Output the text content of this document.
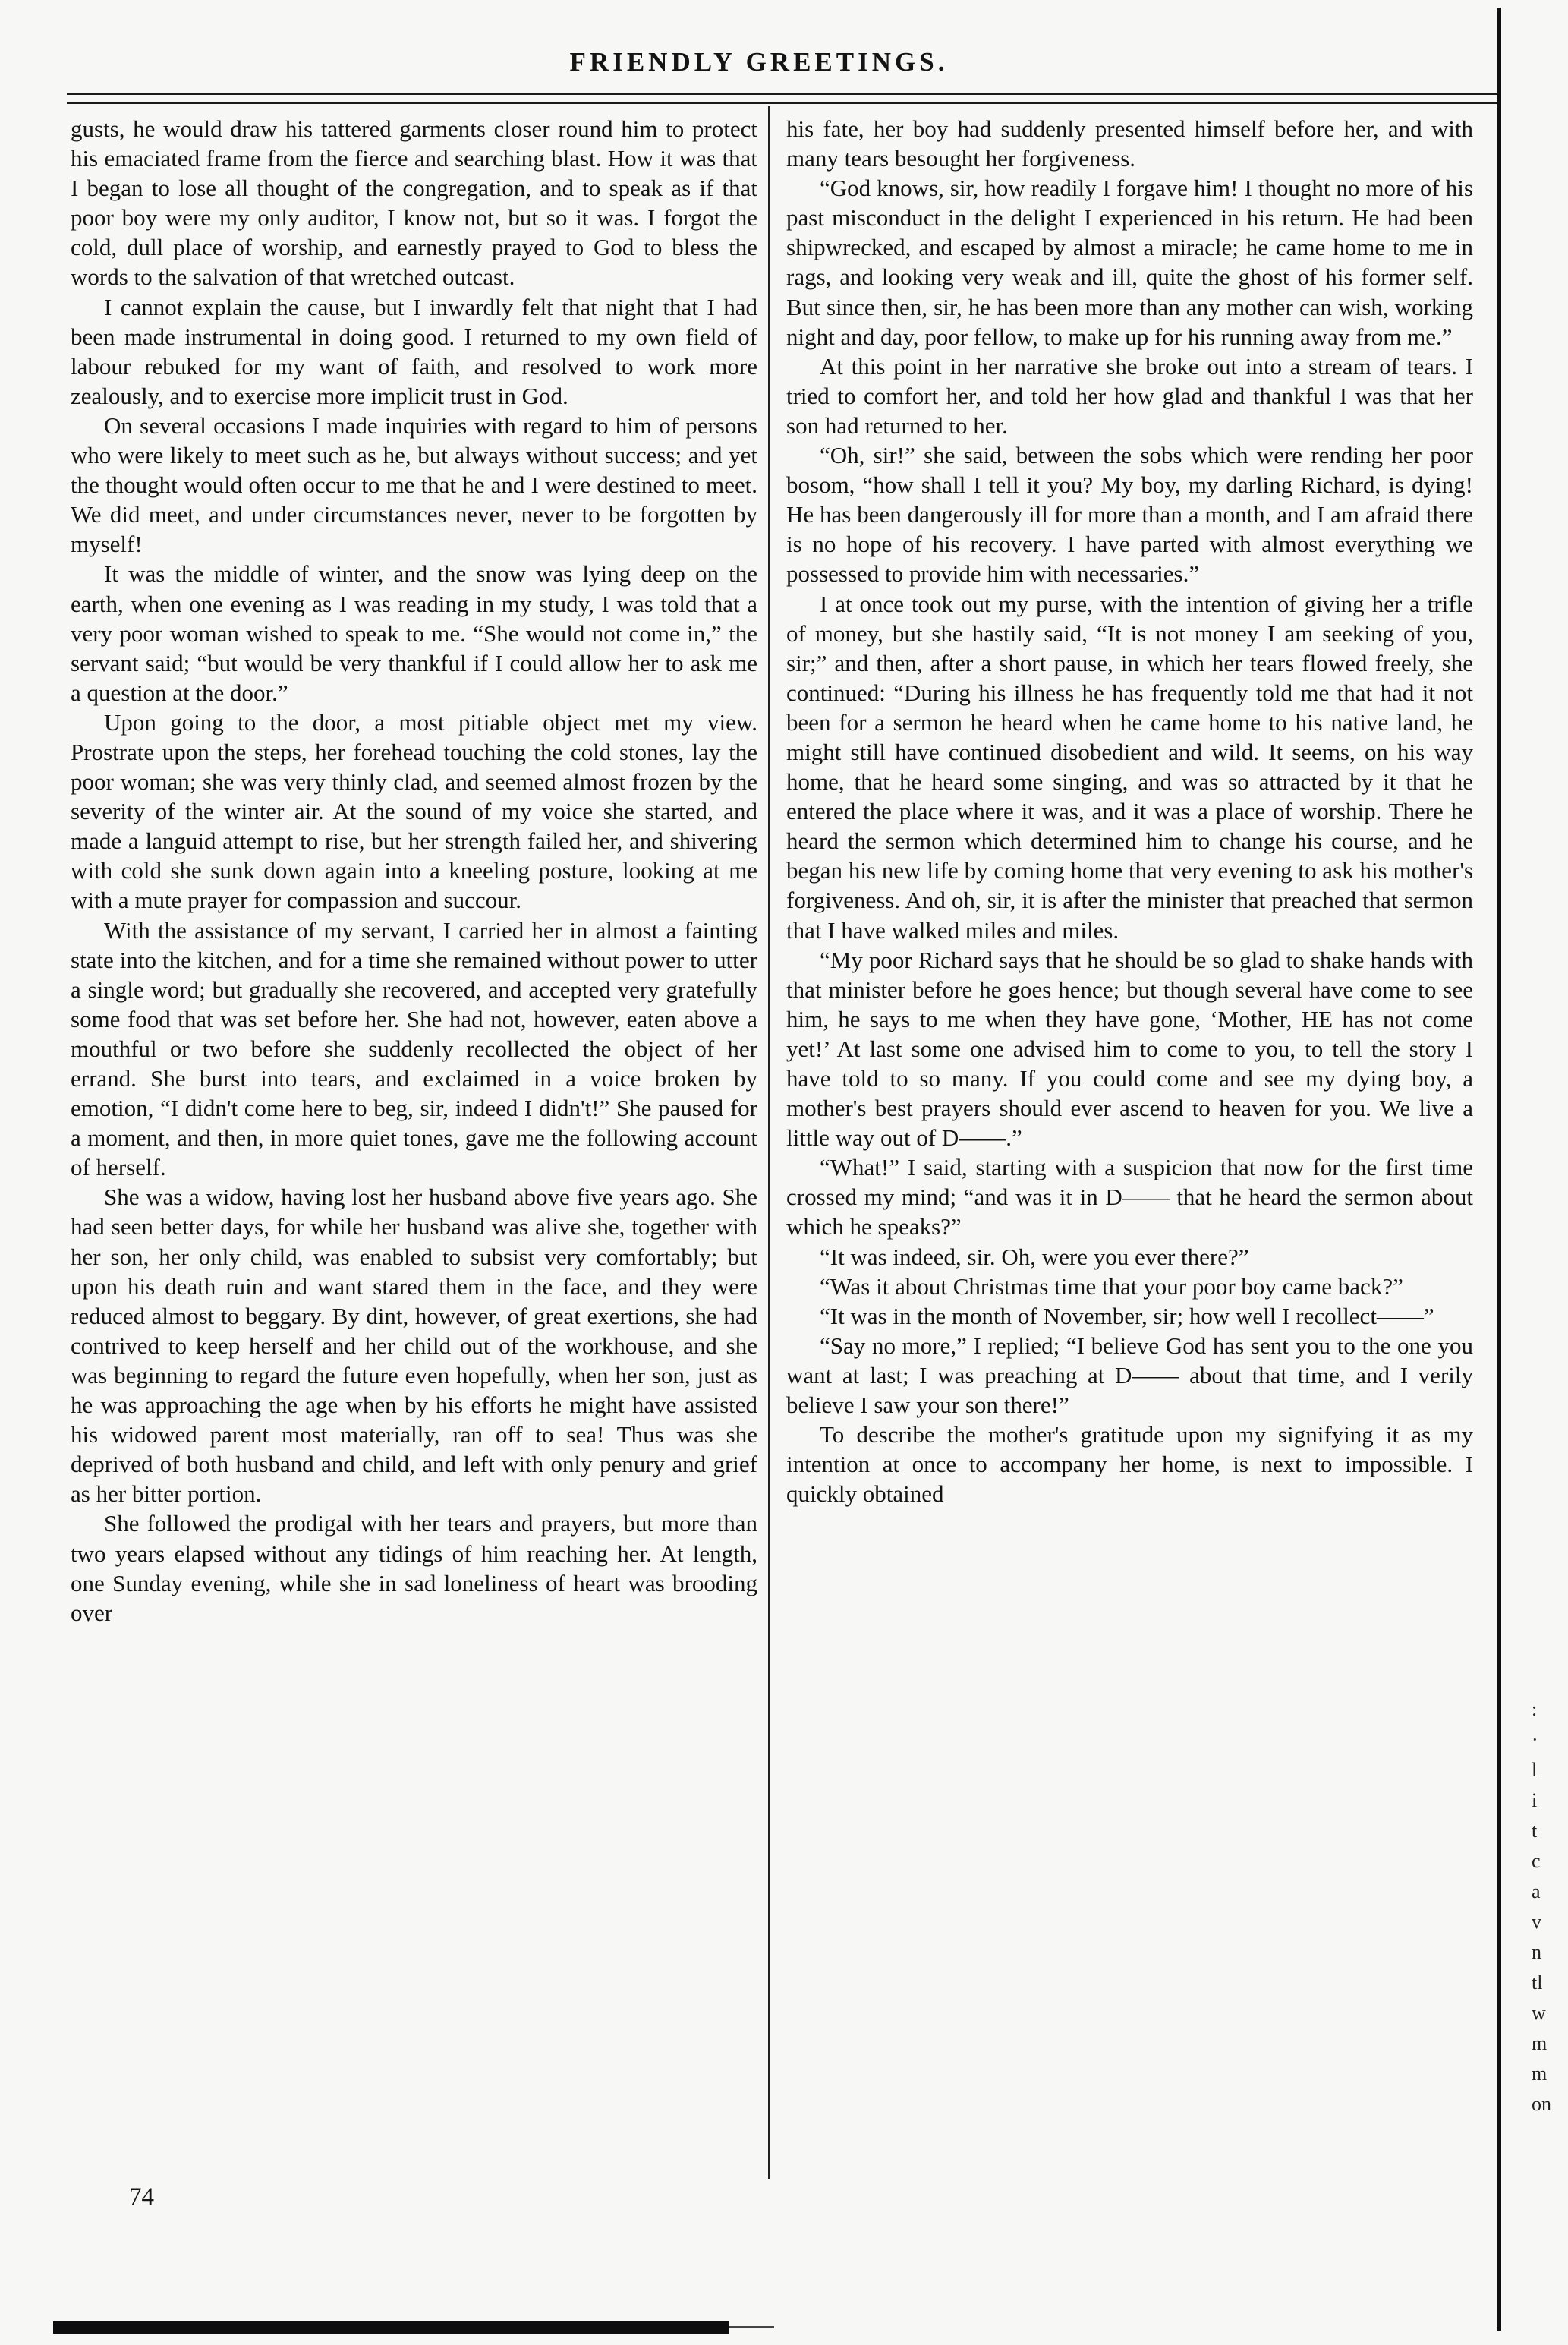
FRIENDLY GREETINGS.

gusts, he would draw his tattered garments closer round him to protect his emaciated frame from the fierce and searching blast. How it was that I began to lose all thought of the congregation, and to speak as if that poor boy were my only auditor, I know not, but so it was. I forgot the cold, dull place of worship, and earnestly prayed to God to bless the words to the salvation of that wretched outcast.

I cannot explain the cause, but I inwardly felt that night that I had been made instrumental in doing good. I returned to my own field of labour rebuked for my want of faith, and resolved to work more zealously, and to exercise more implicit trust in God.

On several occasions I made inquiries with regard to him of persons who were likely to meet such as he, but always without success; and yet the thought would often occur to me that he and I were destined to meet. We did meet, and under circumstances never, never to be forgotten by myself!

It was the middle of winter, and the snow was lying deep on the earth, when one evening as I was reading in my study, I was told that a very poor woman wished to speak to me. “She would not come in,” the servant said; “but would be very thankful if I could allow her to ask me a question at the door.”

Upon going to the door, a most pitiable object met my view. Prostrate upon the steps, her forehead touching the cold stones, lay the poor woman; she was very thinly clad, and seemed almost frozen by the severity of the winter air. At the sound of my voice she started, and made a languid attempt to rise, but her strength failed her, and shivering with cold she sunk down again into a kneeling posture, looking at me with a mute prayer for compassion and succour.

With the assistance of my servant, I carried her in almost a fainting state into the kitchen, and for a time she remained without power to utter a single word; but gradually she recovered, and accepted very gratefully some food that was set before her. She had not, however, eaten above a mouthful or two before she suddenly recollected the object of her errand. She burst into tears, and exclaimed in a voice broken by emotion, “I didn't come here to beg, sir, indeed I didn't!” She paused for a moment, and then, in more quiet tones, gave me the following account of herself.

She was a widow, having lost her husband above five years ago. She had seen better days, for while her husband was alive she, together with her son, her only child, was enabled to subsist very comfortably; but upon his death ruin and want stared them in the face, and they were reduced almost to beggary. By dint, however, of great exertions, she had contrived to keep herself and her child out of the workhouse, and she was beginning to regard the future even hopefully, when her son, just as he was approaching the age when by his efforts he might have assisted his widowed parent most materially, ran off to sea! Thus was she deprived of both husband and child, and left with only penury and grief as her bitter portion.

She followed the prodigal with her tears and prayers, but more than two years elapsed without any tidings of him reaching her. At length, one Sunday evening, while she in sad loneliness of heart was brooding over

his fate, her boy had suddenly presented himself before her, and with many tears besought her forgiveness.

“God knows, sir, how readily I forgave him! I thought no more of his past misconduct in the delight I experienced in his return. He had been shipwrecked, and escaped by almost a miracle; he came home to me in rags, and looking very weak and ill, quite the ghost of his former self. But since then, sir, he has been more than any mother can wish, working night and day, poor fellow, to make up for his running away from me.”

At this point in her narrative she broke out into a stream of tears. I tried to comfort her, and told her how glad and thankful I was that her son had returned to her.

“Oh, sir!” she said, between the sobs which were rending her poor bosom, “how shall I tell it you? My boy, my darling Richard, is dying! He has been dangerously ill for more than a month, and I am afraid there is no hope of his recovery. I have parted with almost everything we possessed to provide him with necessaries.”

I at once took out my purse, with the intention of giving her a trifle of money, but she hastily said, “It is not money I am seeking of you, sir;” and then, after a short pause, in which her tears flowed freely, she continued: “During his illness he has frequently told me that had it not been for a sermon he heard when he came home to his native land, he might still have continued disobedient and wild. It seems, on his way home, that he heard some singing, and was so attracted by it that he entered the place where it was, and it was a place of worship. There he heard the sermon which determined him to change his course, and he began his new life by coming home that very evening to ask his mother's forgiveness. And oh, sir, it is after the minister that preached that sermon that I have walked miles and miles.

“My poor Richard says that he should be so glad to shake hands with that minister before he goes hence; but though several have come to see him, he says to me when they have gone, ‘Mother, HE has not come yet!’ At last some one advised him to come to you, to tell the story I have told to so many. If you could come and see my dying boy, a mother's best prayers should ever ascend to heaven for you. We live a little way out of D——.”

“What!” I said, starting with a suspicion that now for the first time crossed my mind; “and was it in D—— that he heard the sermon about which he speaks?”

“It was indeed, sir. Oh, were you ever there?”

“Was it about Christmas time that your poor boy came back?”

“It was in the month of November, sir; how well I recollect——”

“Say no more,” I replied; “I believe God has sent you to the one you want at last; I was preaching at D—— about that time, and I verily believe I saw your son there!”

To describe the mother's gratitude upon my signifying it as my intention at once to accompany her home, is next to impossible. I quickly obtained

74
:
·
l
i
t
c
a
v
n
tl
w
m
m
on
